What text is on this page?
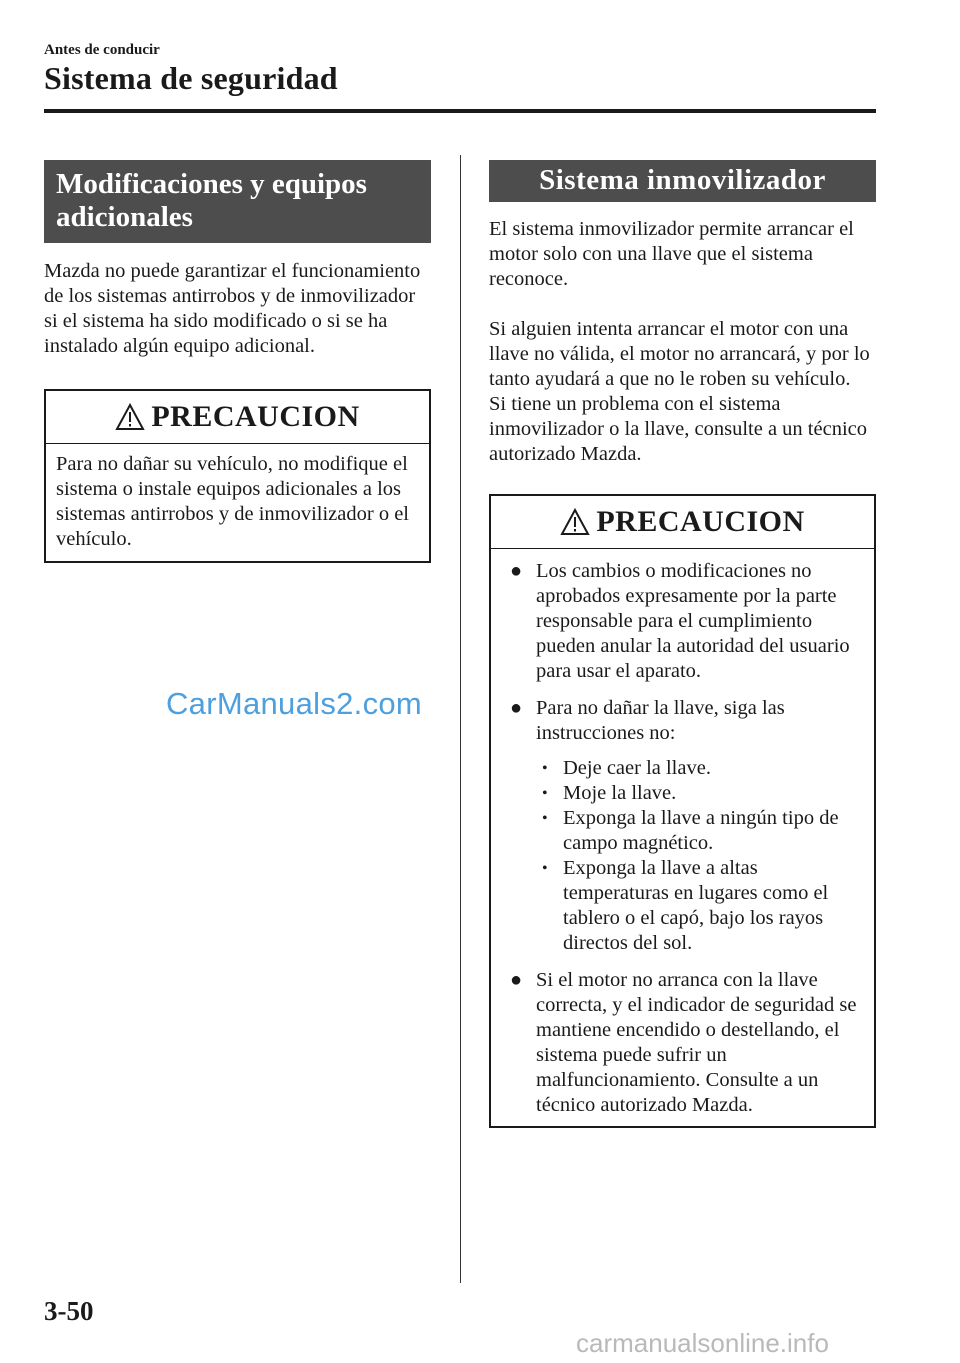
Antes de conducir
Sistema de seguridad
Modificaciones y equipos adicionales

Mazda no puede garantizar el funcionamiento de los sistemas antirrobos y de inmovilizador si el sistema ha sido modificado o si se ha instalado algún equipo adicional.

PRECAUCION

Para no dañar su vehículo, no modifique el sistema o instale equipos adicionales a los sistemas antirrobos y de inmovilizador o el vehículo.

Sistema inmovilizador

El sistema inmovilizador permite arrancar el motor solo con una llave que el sistema reconoce.

Si alguien intenta arrancar el motor con una llave no válida, el motor no arrancará, y por lo tanto ayudará a que no le roben su vehículo.

Si tiene un problema con el sistema inmovilizador o la llave, consulte a un técnico autorizado Mazda.

PRECAUCION
● Los cambios o modificaciones no aprobados expresamente por la parte responsable para el cumplimiento pueden anular la autoridad del usuario para usar el aparato.
● Para no dañar la llave, siga las instrucciones no:
• Deje caer la llave.
• Moje la llave.
• Exponga la llave a ningún tipo de campo magnético.
• Exponga la llave a altas temperaturas en lugares como el tablero o el capó, bajo los rayos directos del sol.
● Si el motor no arranca con la llave correcta, y el indicador de seguridad se mantiene encendido o destellando, el sistema puede sufrir un malfuncionamiento. Consulte a un técnico autorizado Mazda.
CarManuals2.com
3-50
carmanualsonline.info
